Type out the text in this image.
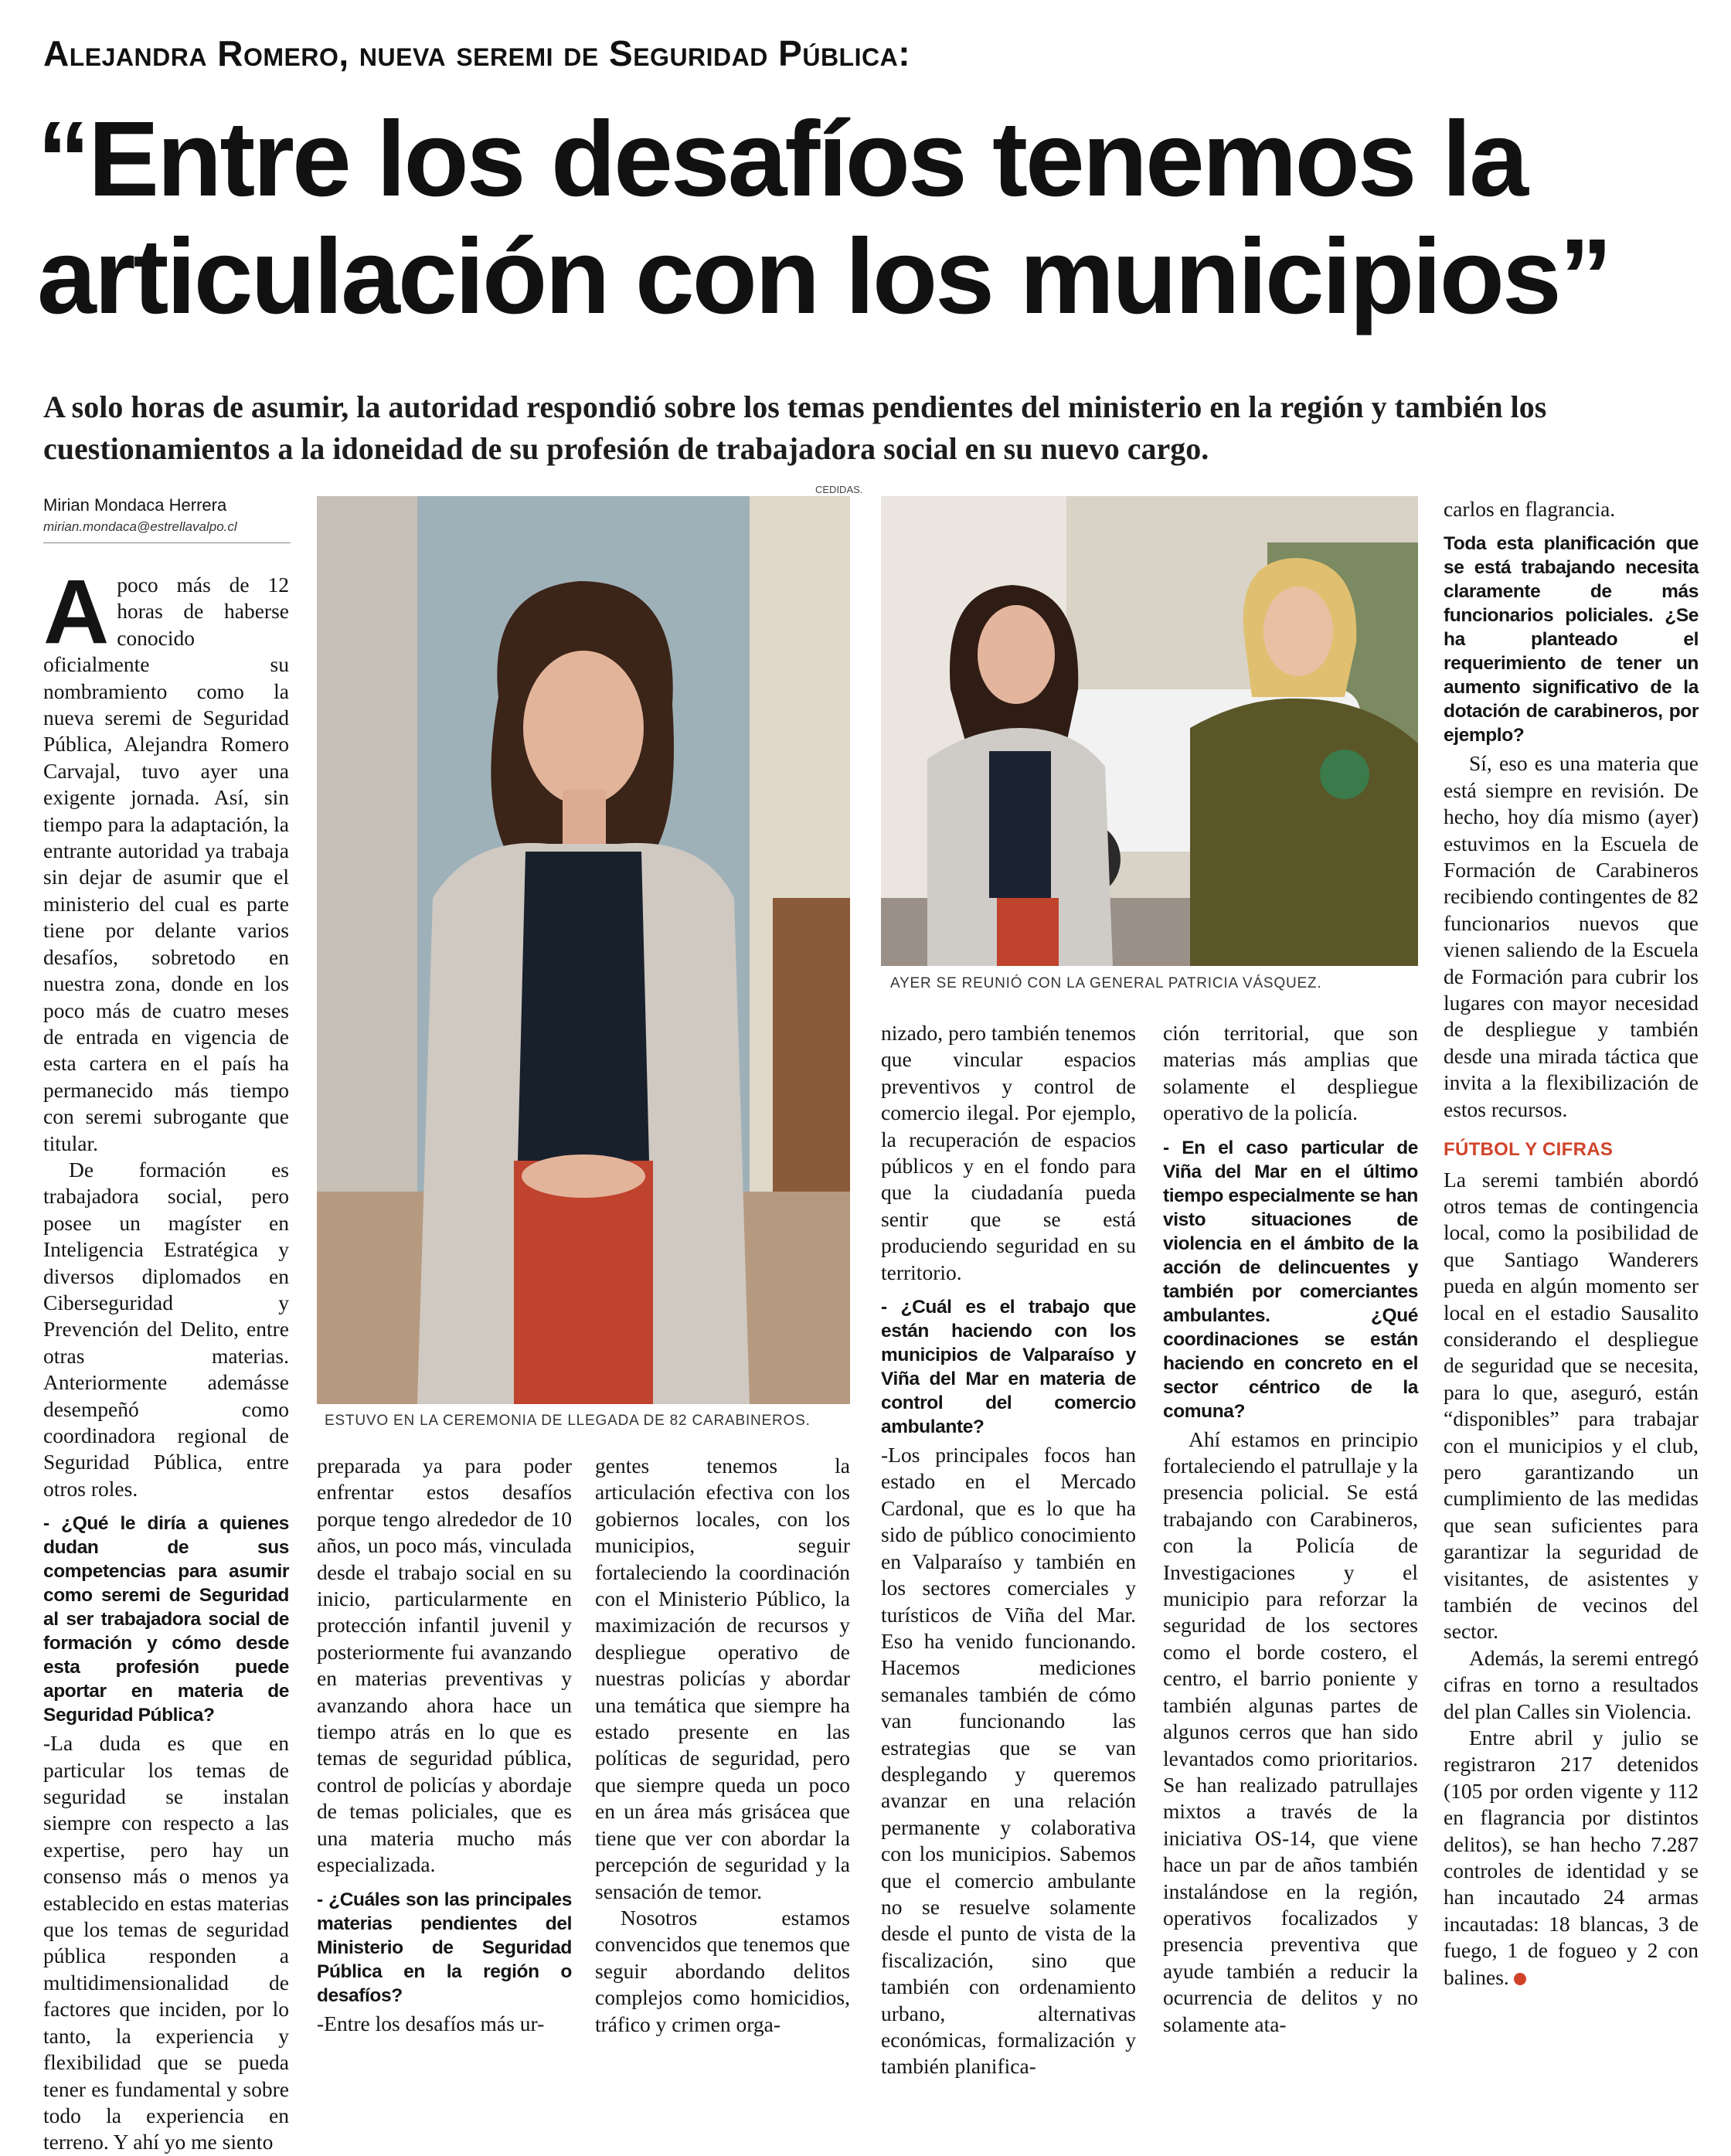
Alejandra Romero, nueva seremi de Seguridad Pública:
“Entre los desafíos tenemos la articulación con los municipios”
A solo horas de asumir, la autoridad respondió sobre los temas pendientes del ministerio en la región y también los cuestionamientos a la idoneidad de su profesión de trabajadora social en su nuevo cargo.
Mirian Mondaca Herrera
mirian.mondaca@estrellavalpo.cl
CEDIDAS.
ESTUVO EN LA CEREMONIA DE LLEGADA DE 82 CARABINEROS.
AYER SE REUNIÓ CON LA GENERAL PATRICIA VÁSQUEZ.

Apoco más de 12 horas de haberse conocido oficialmente su nombramiento como la nueva seremi de Seguridad Pública, Alejandra Romero Carvajal, tuvo ayer una exigente jornada. Así, sin tiempo para la adaptación, la entrante autoridad ya trabaja sin dejar de asumir que el ministerio del cual es parte tiene por delante varios desafíos, sobretodo en nuestra zona, donde en los poco más de cuatro meses de entrada en vigencia de esta cartera en el país ha permanecido más tiempo con seremi subrogante que titular.

De formación es trabajadora social, pero posee un magíster en Inteligencia Estratégica y diversos diplomados en Ciberseguridad y Prevención del Delito, entre otras materias. Anteriormente ademásse desempeñó como coordinadora regional de Seguridad Pública, entre otros roles.

- ¿Qué le diría a quienes dudan de sus competencias para asumir como seremi de Seguridad al ser trabajadora social de formación y cómo desde esta profesión puede aportar en materia de Seguridad Pública?

-La duda es que en particular los temas de seguridad se instalan siempre con respecto a las expertise, pero hay un consenso más o menos ya establecido en estas materias que los temas de seguridad pública responden a multidimensionalidad de factores que inciden, por lo tanto, la experiencia y flexibilidad que se pueda tener es fundamental y sobre todo la experiencia en terreno. Y ahí yo me siento

preparada ya para poder enfrentar estos desafíos porque tengo alrededor de 10 años, un poco más, vinculada desde el trabajo social en su inicio, particularmente en protección infantil juvenil y posteriormente fui avanzando en materias preventivas y avanzando ahora hace un tiempo atrás en lo que es temas de seguridad pública, control de policías y abordaje de temas policiales, que es una materia mucho más especializada.

- ¿Cuáles son las principales materias pendientes del Ministerio de Seguridad Pública en la región o desafíos?

-Entre los desafíos más ur-

gentes tenemos la articulación efectiva con los gobiernos locales, con los municipios, seguir fortaleciendo la coordinación con el Ministerio Público, la maximización de recursos y despliegue operativo de nuestras policías y abordar una temática que siempre ha estado presente en las políticas de seguridad, pero que siempre queda un poco en un área más grisácea que tiene que ver con abordar la percepción de seguridad y la sensación de temor.

Nosotros estamos convencidos que tenemos que seguir abordando delitos complejos como homicidios, tráfico y crimen orga-

nizado, pero también tenemos que vincular espacios preventivos y control de comercio ilegal. Por ejemplo, la recuperación de espacios públicos y en el fondo para que la ciudadanía pueda sentir que se está produciendo seguridad en su territorio.

- ¿Cuál es el trabajo que están haciendo con los municipios de Valparaíso y Viña del Mar en materia de control del comercio ambulante?

-Los principales focos han estado en el Mercado Cardonal, que es lo que ha sido de público conocimiento en Valparaíso y también en los sectores comerciales y turísticos de Viña del Mar. Eso ha venido funcionando. Hacemos mediciones semanales también de cómo van funcionando las estrategias que se van desplegando y queremos avanzar en una relación permanente y colaborativa con los municipios. Sabemos que el comercio ambulante no se resuelve solamente desde el punto de vista de la fiscalización, sino que también con ordenamiento urbano, alternativas económicas, formalización y también planifica-

ción territorial, que son materias más amplias que solamente el despliegue operativo de la policía.

- En el caso particular de Viña del Mar en el último tiempo especialmente se han visto situaciones de violencia en el ámbito de la acción de delincuentes y también por comerciantes ambulantes. ¿Qué coordinaciones se están haciendo en concreto en el sector céntrico de la comuna?

Ahí estamos en principio fortaleciendo el patrullaje y la presencia policial. Se está trabajando con Carabineros, con la Policía de Investigaciones y el municipio para reforzar la seguridad de los sectores como el borde costero, el centro, el barrio poniente y también algunas partes de algunos cerros que han sido levantados como prioritarios. Se han realizado patrullajes mixtos a través de la iniciativa OS-14, que viene hace un par de años también instalándose en la región, operativos focalizados y presencia preventiva que ayude también a reducir la ocurrencia de delitos y no solamente ata-

carlos en flagrancia.

Toda esta planificación que se está trabajando necesita claramente de más funcionarios policiales. ¿Se ha planteado el requerimiento de tener un aumento significativo de la dotación de carabineros, por ejemplo?

Sí, eso es una materia que está siempre en revisión. De hecho, hoy día mismo (ayer) estuvimos en la Escuela de Formación de Carabineros recibiendo contingentes de 82 funcionarios nuevos que vienen saliendo de la Escuela de Formación para cubrir los lugares con mayor necesidad de despliegue y también desde una mirada táctica que invita a la flexibilización de estos recursos.

FÚTBOL Y CIFRAS

La seremi también abordó otros temas de contingencia local, como la posibilidad de que Santiago Wanderers pueda en algún momento ser local en el estadio Sausalito considerando el despliegue de seguridad que se necesita, para lo que, aseguró, están “disponibles” para trabajar con el municipios y el club, pero garantizando un cumplimiento de las medidas que sean suficientes para garantizar la seguridad de visitantes, de asistentes y también de vecinos del sector.

Además, la seremi entregó cifras en torno a resultados del plan Calles sin Violencia.

Entre abril y julio se registraron 217 detenidos (105 por orden vigente y 112 en flagrancia por distintos delitos), se han hecho 7.287 controles de identidad y se han incautado 24 armas incautadas: 18 blancas, 3 de fuego, 1 de fogueo y 2 con balines.
